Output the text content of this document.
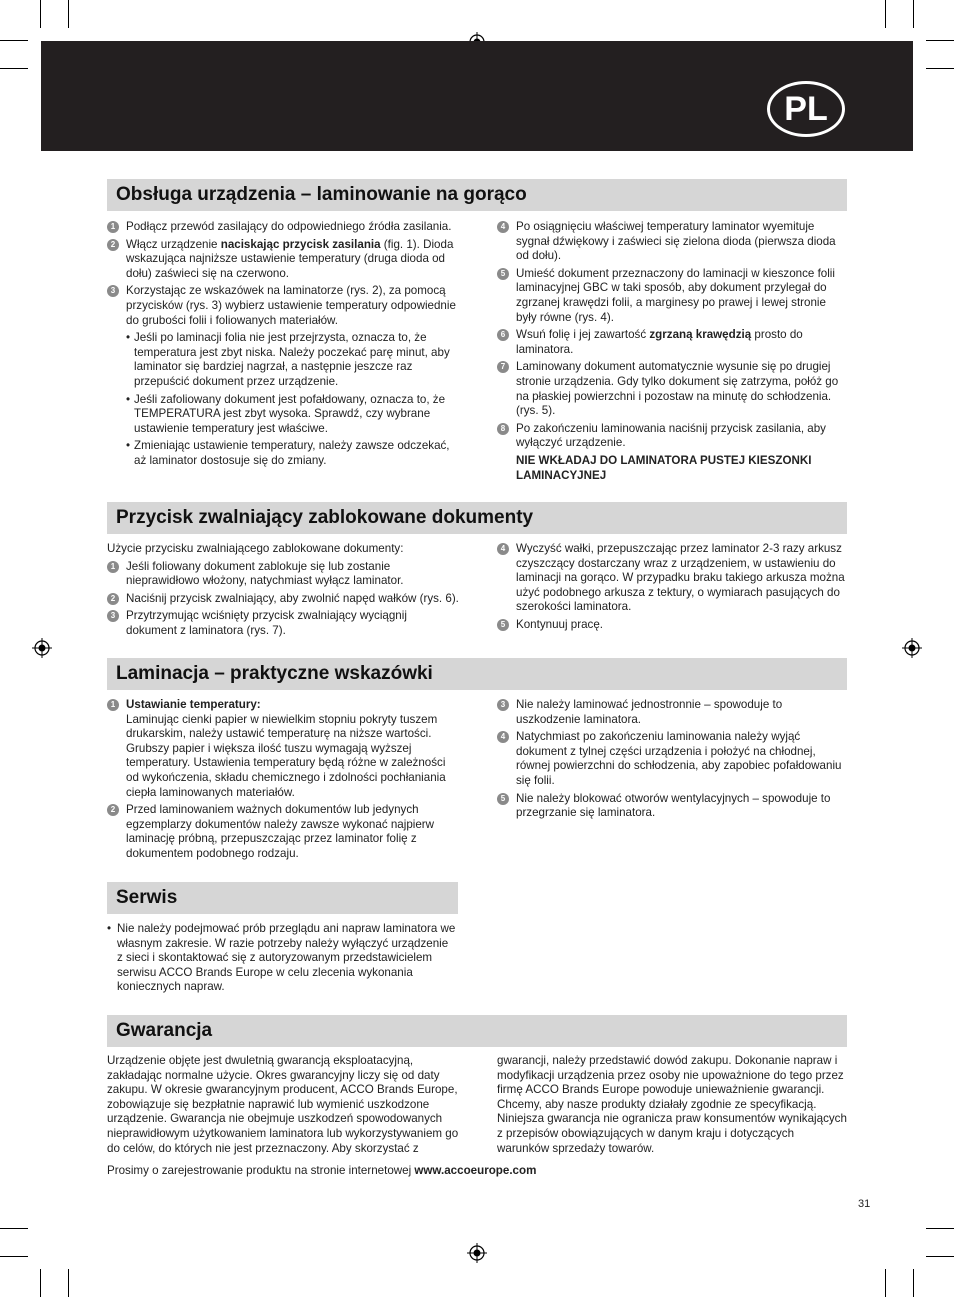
PL
Obsługa urządzenia – laminowanie na gorąco
1 Podłącz przewód zasilający do odpowiedniego źródła zasilania.
2 Włącz urządzenie naciskając przycisk zasilania (fig. 1). Dioda wskazująca najniższe ustawienie temperatury (druga dioda od dołu) zaświeci się na czerwono.
3 Korzystając ze wskazówek na laminatorze (rys. 2), za pomocą przycisków (rys. 3) wybierz ustawienie temperatury odpowiednie do grubości folii i foliowanych materiałów.
• Jeśli po laminacji folia nie jest przejrzysta, oznacza to, że temperatura jest zbyt niska. Należy poczekać parę minut, aby laminator się bardziej nagrzał, a następnie jeszcze raz przepuścić dokument przez urządzenie.
• Jeśli zafoliowany dokument jest pofałdowany, oznacza to, że TEMPERATURA jest zbyt wysoka. Sprawdź, czy wybrane ustawienie temperatury jest właściwe.
• Zmieniając ustawienie temperatury, należy zawsze odczekać, aż laminator dostosuje się do zmiany.
4 Po osiągnięciu właściwej temperatury laminator wyemituje sygnał dźwiękowy i zaświeci się zielona dioda (pierwsza dioda od dołu).
5 Umieść dokument przeznaczony do laminacji w kieszonce folii laminacyjnej GBC w taki sposób, aby dokument przylegał do zgrzanej krawędzi folii, a marginesy po prawej i lewej stronie były równe (rys. 4).
6 Wsuń folię i jej zawartość zgrzaną krawędzią prosto do laminatora.
7 Laminowany dokument automatycznie wysunie się po drugiej stronie urządzenia. Gdy tylko dokument się zatrzyma, połóż go na płaskiej powierzchni i pozostaw na minutę do schłodzenia. (rys. 5).
8 Po zakończeniu laminowania naciśnij przycisk zasilania, aby wyłączyć urządzenie.
NIE WKŁADAJ DO LAMINATORA PUSTEJ KIESZONKI LAMINACYJNEJ
Przycisk zwalniający zablokowane dokumenty
Użycie przycisku zwalniającego zablokowane dokumenty:
1 Jeśli foliowany dokument zablokuje się lub zostanie nieprawidłowo włożony, natychmiast wyłącz laminator.
2 Naciśnij przycisk zwalniający, aby zwolnić napęd wałków (rys. 6).
3 Przytrzymując wciśnięty przycisk zwalniający wyciągnij dokument z laminatora (rys. 7).
4 Wyczyść wałki, przepuszczając przez laminator 2-3 razy arkusz czyszczący dostarczany wraz z urządzeniem, w ustawieniu do laminacji na gorąco. W przypadku braku takiego arkusza można użyć podobnego arkusza z tektury, o wymiarach pasujących do szerokości laminatora.
5 Kontynuuj pracę.
Laminacja – praktyczne wskazówki
1 Ustawianie temperatury:
Laminując cienki papier w niewielkim stopniu pokryty tuszem drukarskim, należy ustawić temperaturę na niższe wartości. Grubszy papier i większa ilość tuszu wymagają wyższej temperatury. Ustawienia temperatury będą różne w zależności od wykończenia, składu chemicznego i zdolności pochłaniania ciepła laminowanych materiałów.
2 Przed laminowaniem ważnych dokumentów lub jedynych egzemplarzy dokumentów należy zawsze wykonać najpierw laminację próbną, przepuszczając przez laminator folię z dokumentem podobnego rodzaju.
3 Nie należy laminować jednostronnie – spowoduje to uszkodzenie laminatora.
4 Natychmiast po zakończeniu laminowania należy wyjąć dokument z tylnej części urządzenia i położyć na chłodnej, równej powierzchni do schłodzenia, aby zapobiec pofałdowaniu się folii.
5 Nie należy blokować otworów wentylacyjnych – spowoduje to przegrzanie się laminatora.
Serwis
• Nie należy podejmować prób przeglądu ani napraw laminatora we własnym zakresie. W razie potrzeby należy wyłączyć urządzenie z sieci i skontaktować się z autoryzowanym przedstawicielem serwisu ACCO Brands Europe w celu zlecenia wykonania koniecznych napraw.
Gwarancja
Urządzenie objęte jest dwuletnią gwarancją eksploatacyjną, zakładając normalne użycie. Okres gwarancyjny liczy się od daty zakupu. W okresie gwarancyjnym producent, ACCO Brands Europe, zobowiązuje się bezpłatnie naprawić lub wymienić uszkodzone urządzenie. Gwarancja nie obejmuje uszkodzeń spowodowanych nieprawidłowym użytkowaniem laminatora lub wykorzystywaniem go do celów, do których nie jest przeznaczony. Aby skorzystać z
gwarancji, należy przedstawić dowód zakupu. Dokonanie napraw i modyfikacji urządzenia przez osoby nie upoważnione do tego przez firmę ACCO Brands Europe powoduje unieważnienie gwarancji. Chcemy, aby nasze produkty działały zgodnie ze specyfikacją. Niniejsza gwarancja nie ogranicza praw konsumentów wynikających z przepisów obowiązujących w danym kraju i dotyczących warunków sprzedaży towarów.
Prosimy o zarejestrowanie produktu na stronie internetowej www.accoeurope.com
31
